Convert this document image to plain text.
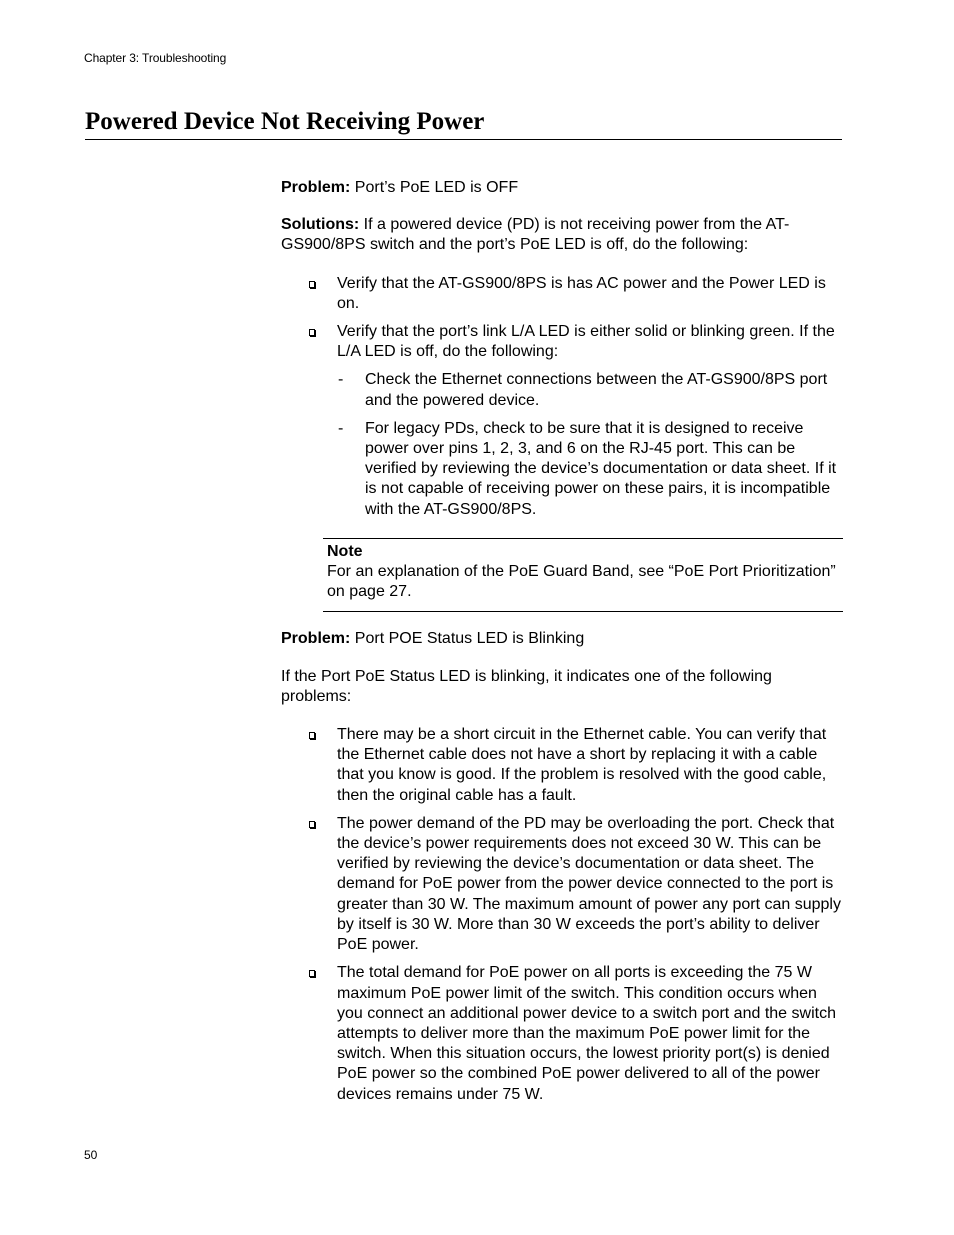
Chapter 3: Troubleshooting
Powered Device Not Receiving Power

Problem: Port’s PoE LED is OFF

Solutions: If a powered device (PD) is not receiving power from the AT-GS900/8PS switch and the port’s PoE LED is off, do the following:

Verify that the AT-GS900/8PS is has AC power and the Power LED is on.
Verify that the port’s link L/A LED is either solid or blinking green. If the L/A LED is off, do the following:
- Check the Ethernet connections between the AT-GS900/8PS port and the powered device.
- For legacy PDs, check to be sure that it is designed to receive power over pins 1, 2, 3, and 6 on the RJ-45 port. This can be verified by reviewing the device’s documentation or data sheet. If it is not capable of receiving power on these pairs, it is incompatible with the AT-GS900/8PS.
Note
For an explanation of the PoE Guard Band, see “PoE Port Prioritization” on page 27.

Problem: Port POE Status LED is Blinking

If the Port PoE Status LED is blinking, it indicates one of the following problems:

There may be a short circuit in the Ethernet cable. You can verify that the Ethernet cable does not have a short by replacing it with a cable that you know is good. If the problem is resolved with the good cable, then the original cable has a fault.
The power demand of the PD may be overloading the port. Check that the device’s power requirements does not exceed 30 W. This can be verified by reviewing the device’s documentation or data sheet. The demand for PoE power from the power device connected to the port is greater than 30 W. The maximum amount of power any port can supply by itself is 30 W. More than 30 W exceeds the port’s ability to deliver PoE power.
The total demand for PoE power on all ports is exceeding the 75 W maximum PoE power limit of the switch. This condition occurs when you connect an additional power device to a switch port and the switch attempts to deliver more than the maximum PoE power limit for the switch. When this situation occurs, the lowest priority port(s) is denied PoE power so the combined PoE power delivered to all of the power devices remains under 75 W.
50
